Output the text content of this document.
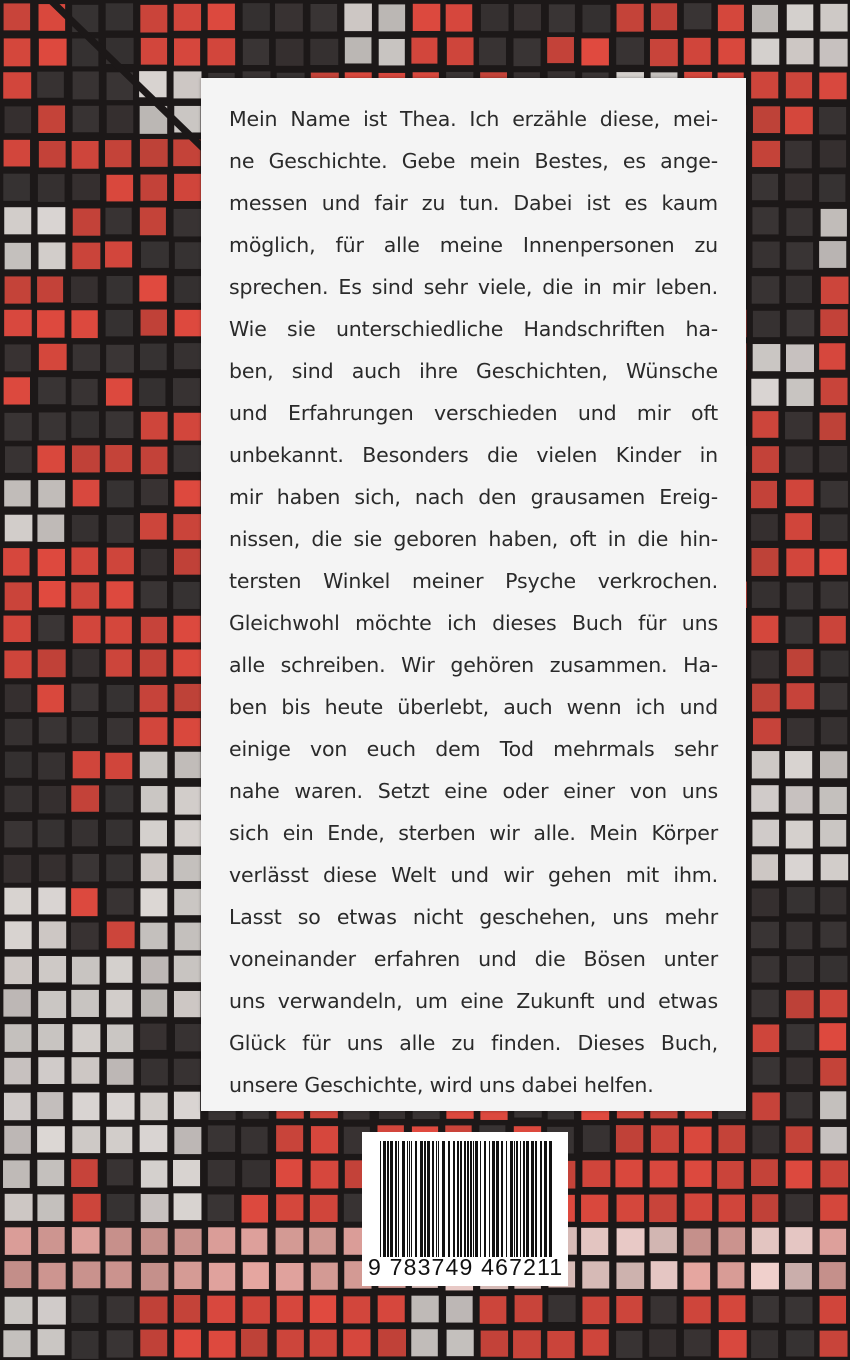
Mein Name ist Thea. Ich erzähle diese, mei-
ne Geschichte. Gebe mein Bestes, es ange-
messen und fair zu tun. Dabei ist es kaum
möglich, für alle meine Innenpersonen zu
sprechen. Es sind sehr viele, die in mir leben.
Wie sie unterschiedliche Handschriften ha-
ben, sind auch ihre Geschichten, Wünsche
und Erfahrungen verschieden und mir oft
unbekannt. Besonders die vielen Kinder in
mir haben sich, nach den grausamen Ereig-
nissen, die sie geboren haben, oft in die hin-
tersten Winkel meiner Psyche verkrochen.
Gleichwohl möchte ich dieses Buch für uns
alle schreiben. Wir gehören zusammen. Ha-
ben bis heute überlebt, auch wenn ich und
einige von euch dem Tod mehrmals sehr
nahe waren. Setzt eine oder einer von uns
sich ein Ende, sterben wir alle. Mein Körper
verlässt diese Welt und wir gehen mit ihm.
Lasst so etwas nicht geschehen, uns mehr
voneinander erfahren und die Bösen unter
uns verwandeln, um eine Zukunft und etwas
Glück für uns alle zu finden. Dieses Buch,
unsere Geschichte, wird uns dabei helfen.
9 783749 467211
